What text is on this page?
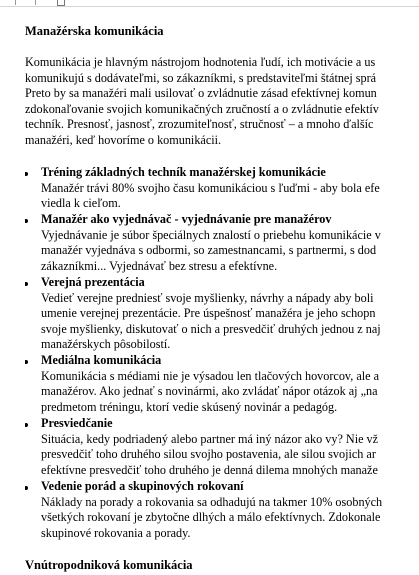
Manažérska komunikácia
Komunikácia je hlavným nástrojom hodnotenia ľudí, ich motivácie a us
komunikujú s dodávateľmi, so zákazníkmi, s predstaviteľmi štátnej sprá
Preto by sa manažéri mali usilovať o zvládnutie zásad efektívnej komun
zdokonaľovanie svojich komunikačných zručností a o zvládnutie efektív
techník. Presnosť, jasnosť, zrozumiteľnosť, stručnosť – a mnoho ďalšíc
manažéri, keď hovoríme o komunikácii.
Tréning základných techník manažérskej komunikácie
Manažér trávi 80% svojho času komunikáciou s ľuďmi - aby bola efe
viedla k cieľom.
Manažér ako vyjednávač - vyjednávanie pre manažérov
Vyjednávanie je súbor špeciálnych znalostí o priebehu komunikácie v
manažér vyjednáva s odbormi, so zamestnancami, s partnermi, s dod
zákazníkmi... Vyjednávať bez stresu a efektívne.
Verejná prezentácia
Vedieť verejne predniesť svoje myšlienky, návrhy a nápady aby boli
umenie verejnej prezentácie. Pre úspešnosť manažéra je jeho schopn
svoje myšlienky, diskutovať o nich a presvedčiť druhých jednou z naj
manažérskych pôsobilostí.
Mediálna komunikácia
Komunikácia s médiami nie je výsadou len tlačových hovorcov, ale a
manažérov. Ako jednať s novinármi, ako zvládať nápor otázok aj „na
predmetom tréningu, ktorí vedie skúsený novinár a pedagóg.
Presviedčanie
Situácia, kedy podriadený alebo partner má iný názor ako vy? Nie vž
presvedčiť toho druhého silou svojho postavenia, ale silou svojich ar
efektívne presvedčiť toho druhého je denná dilema mnohých manaže
Vedenie porád a skupinových rokovaní
Náklady na porady a rokovania sa odhadujú na takmer 10% osobných
všetkých rokovaní je zbytočne dlhých a málo efektívnych. Zdokonale
skupinové rokovania a porady.
Vnútropodniková komunikácia
